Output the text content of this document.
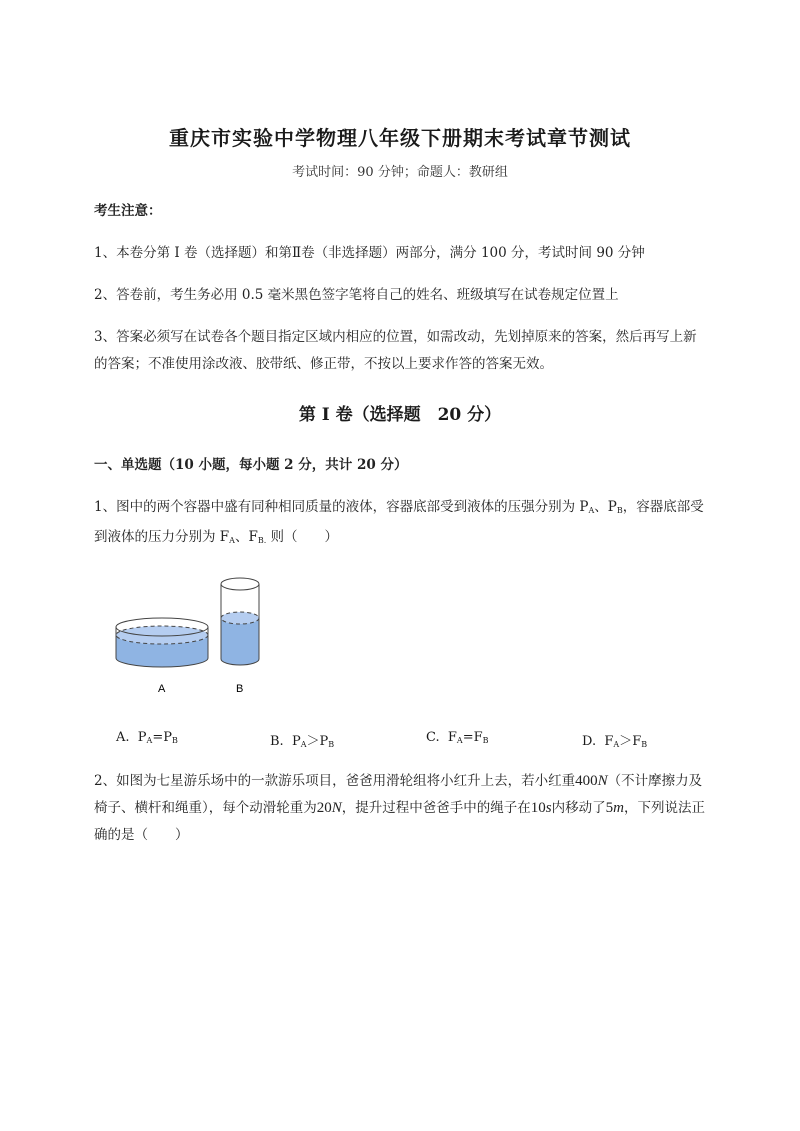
重庆市实验中学物理八年级下册期末考试章节测试
考试时间：90 分钟；命题人：教研组
考生注意：
1、本卷分第 I 卷（选择题）和第Ⅱ卷（非选择题）两部分，满分 100 分，考试时间 90 分钟
2、答卷前，考生务必用 0.5 毫米黑色签字笔将自己的姓名、班级填写在试卷规定位置上
3、答案必须写在试卷各个题目指定区域内相应的位置，如需改动，先划掉原来的答案，然后再写上新的答案；不准使用涂改液、胶带纸、修正带，不按以上要求作答的答案无效。
第 I 卷（选择题　20 分）
一、单选题（10 小题，每小题 2 分，共计 20 分）
1、图中的两个容器中盛有同种相同质量的液体，容器底部受到液体的压强分别为 $P_A$、$P_B$，容器底部受到液体的压力分别为 $F_A$、$F_{B.}$ 则（　　）
A	B
A. $P_A=P_B$	B. $P_A>P_B$	C. $F_A=F_B$	D. $F_A>F_B$
2、如图为七星游乐场中的一款游乐项目，爸爸用滑轮组将小红升上去，若小红重400N（不计摩擦力及椅子、横杆和绳重），每个动滑轮重为20N，提升过程中爸爸手中的绳子在10s内移动了5m，下列说法正确的是（　　）
